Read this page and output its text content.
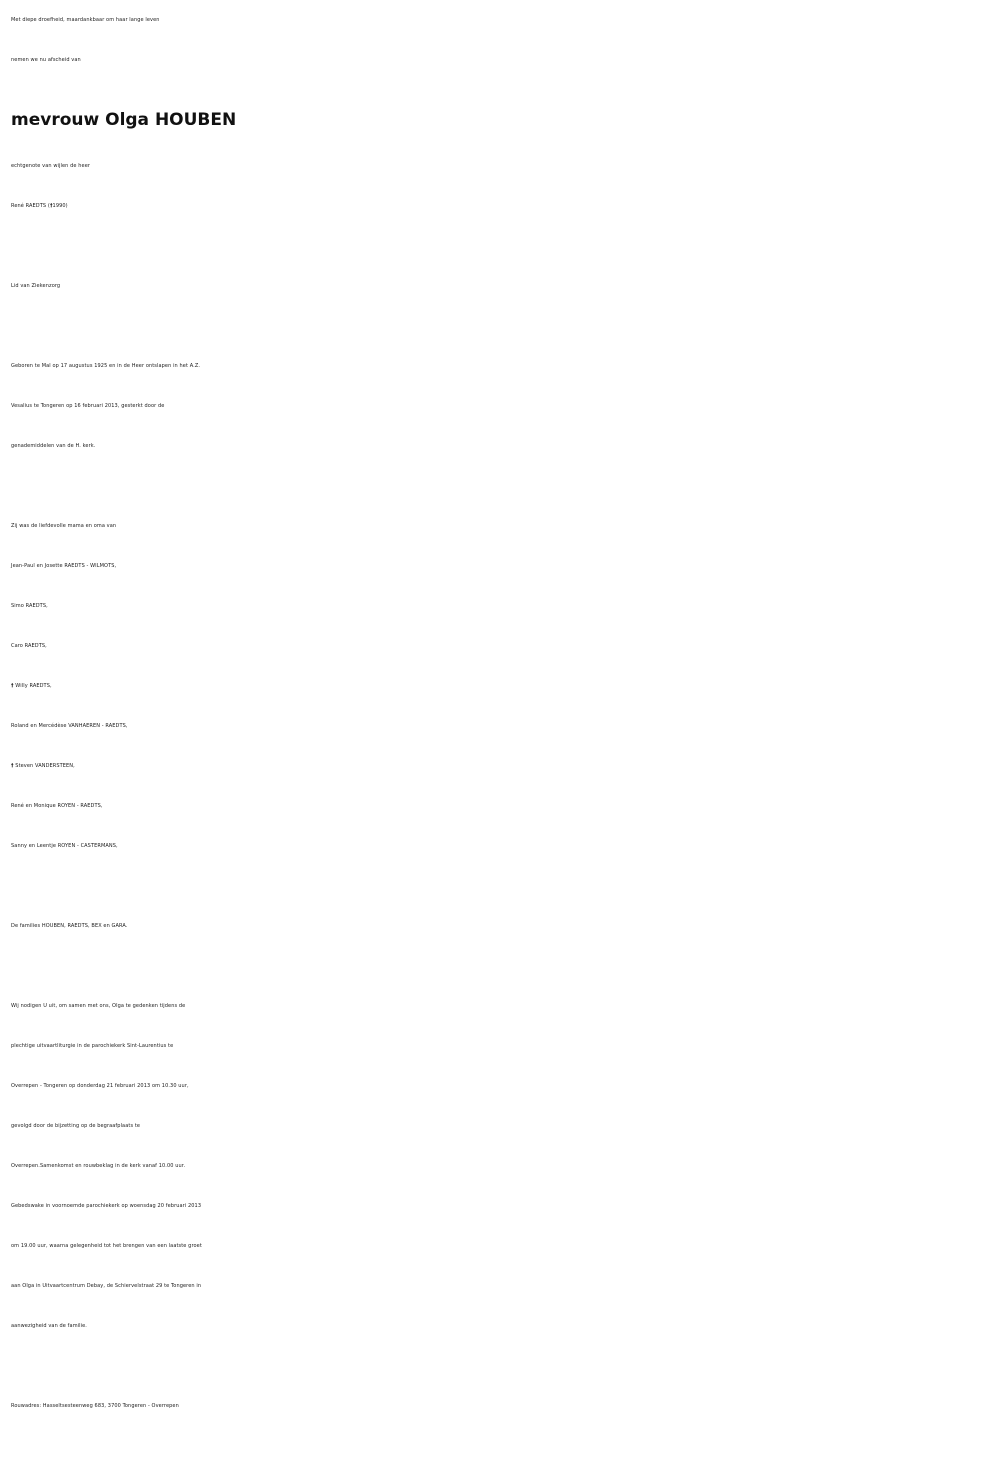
Met diepe droefheid, maardankbaar om haar lange leven
nemen we nu afscheid van
mevrouw Olga HOUBEN
echtgenote van wijlen de heer
René RAEDTS (†1990)
Lid van Ziekenzorg
Geboren te Mal op 17 augustus 1925 en in de Heer ontslapen in het A.Z.
Vesalius te Tongeren op 16 februari 2013, gesterkt door de
genademiddelen van de H. kerk.
Zij was de liefdevolle mama en oma van
Jean-Paul en Josette RAEDTS - WILMOTS,
Simo RAEDTS,
Caro RAEDTS,
† Willy RAEDTS,
Roland en Mercédèse VANHAEREN - RAEDTS,
† Steven VANDERSTEEN,
René en Monique ROYEN - RAEDTS,
Sanny en Leentje ROYEN - CASTERMANS,
De families HOUBEN, RAEDTS, BEX en GARA.
Wij nodigen U uit, om samen met ons, Olga te gedenken tijdens de
plechtige uitvaartliturgie in de parochiekerk Sint-Laurentius te
Overrepen - Tongeren op donderdag 21 februari 2013 om 10.30 uur,
gevolgd door de bijzetting op de begraafplaats te
Overrepen.Samenkomst en rouwbeklag in de kerk vanaf 10.00 uur.
Gebedswake in voornoemde parochiekerk op woensdag 20 februari 2013
om 19.00 uur, waarna gelegenheid tot het brengen van een laatste groet
aan Olga in Uitvaartcentrum Debay, de Schiervelstraat 29 te Tongeren in
aanwezigheid van de familie.
Rouwadres: Hasseltsesteenweg 683, 3700 Tongeren - Overrepen
